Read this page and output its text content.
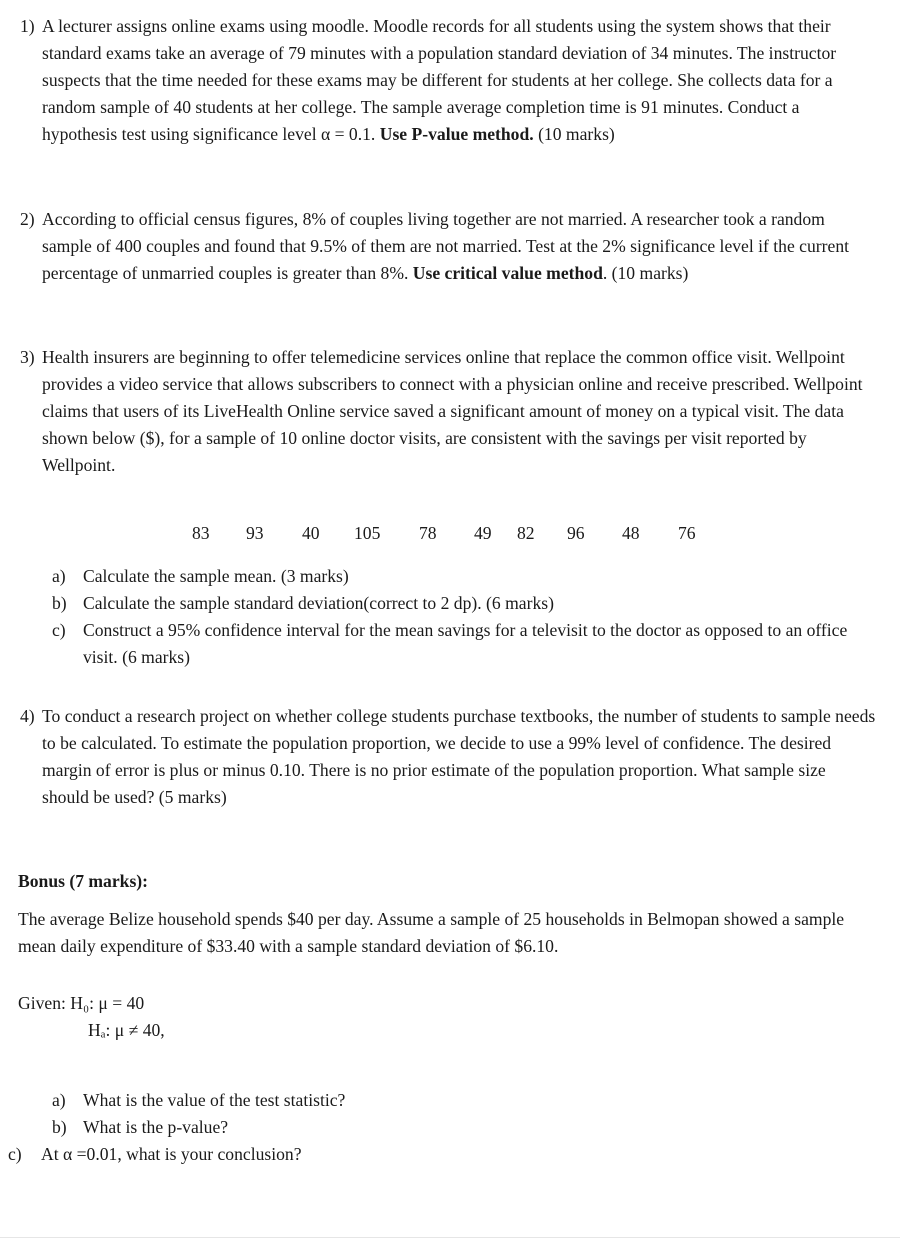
1) A lecturer assigns online exams using moodle. Moodle records for all students using the system shows that their standard exams take an average of 79 minutes with a population standard deviation of 34 minutes. The instructor suspects that the time needed for these exams may be different for students at her college. She collects data for a random sample of 40 students at her college. The sample average completion time is 91 minutes. Conduct a hypothesis test using significance level α = 0.1. Use P-value method. (10 marks)

2) According to official census figures, 8% of couples living together are not married. A researcher took a random sample of 400 couples and found that 9.5% of them are not married. Test at the 2% significance level if the current percentage of unmarried couples is greater than 8%. Use critical value method. (10 marks)

3) Health insurers are beginning to offer telemedicine services online that replace the common office visit. Wellpoint provides a video service that allows subscribers to connect with a physician online and receive prescribed. Wellpoint claims that users of its LiveHealth Online service saved a significant amount of money on a typical visit. The data shown below ($), for a sample of 10 online doctor visits, are consistent with the savings per visit reported by Wellpoint.

83 93 40 105 78 49 82 96 48 76
a) Calculate the sample mean. (3 marks)
b) Calculate the sample standard deviation(correct to 2 dp). (6 marks)
c) Construct a 95% confidence interval for the mean savings for a televisit to the doctor as opposed to an office visit. (6 marks)

4) To conduct a research project on whether college students purchase textbooks, the number of students to sample needs to be calculated. To estimate the population proportion, we decide to use a 99% level of confidence. The desired margin of error is plus or minus 0.10. There is no prior estimate of the population proportion. What sample size should be used? (5 marks)

Bonus (7 marks):
The average Belize household spends $40 per day. Assume a sample of 25 households in Belmopan showed a sample mean daily expenditure of $33.40 with a sample standard deviation of $6.10.
Given: H₀: μ = 40
Hₐ: μ ≠ 40,
a) What is the value of the test statistic?
b) What is the p-value?
c) At α =0.01, what is your conclusion?
